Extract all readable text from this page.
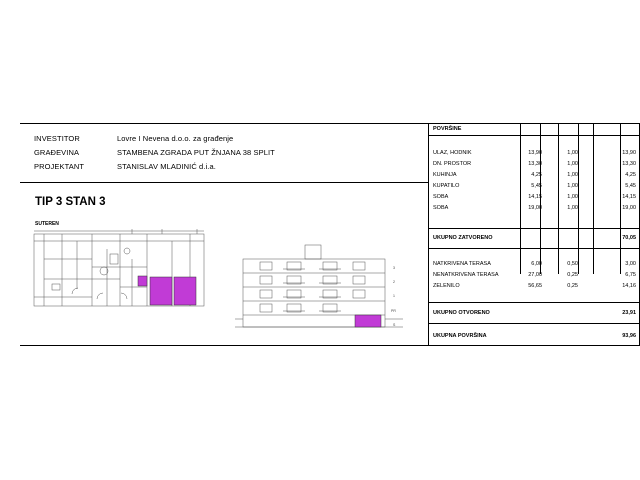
INVESTITOR	Lovre I Nevena d.o.o. za građenje
GRAĐEVINA	STAMBENA ZGRADA PUT ŽNJANA 38 SPLIT
PROJEKTANT	STANISLAV MLADINIĆ d.i.a.
TIP 3 STAN 3
SUTEREN
3
2
1
PR
S
POVRŠINE
ULAZ, HODNIK	13,90	1,00	13,90
DN. PROSTOR	13,30	1,00	13,30
KUHINJA	4,25	1,00	4,25
KUPATILO	5,45	1,00	5,45
SOBA	14,15	1,00	14,15
SOBA	19,00	1,00	19,00
UKUPNO ZATVORENO	70,05
NATKRIVENA TERASA	6,00	0,50	3,00
NENATKRIVENA TERASA	27,00	0,25	6,75
ZELENILO	56,65	0,25	14,16
UKUPNO OTVORENO	23,91
UKUPNA POVRŠINA	93,96
